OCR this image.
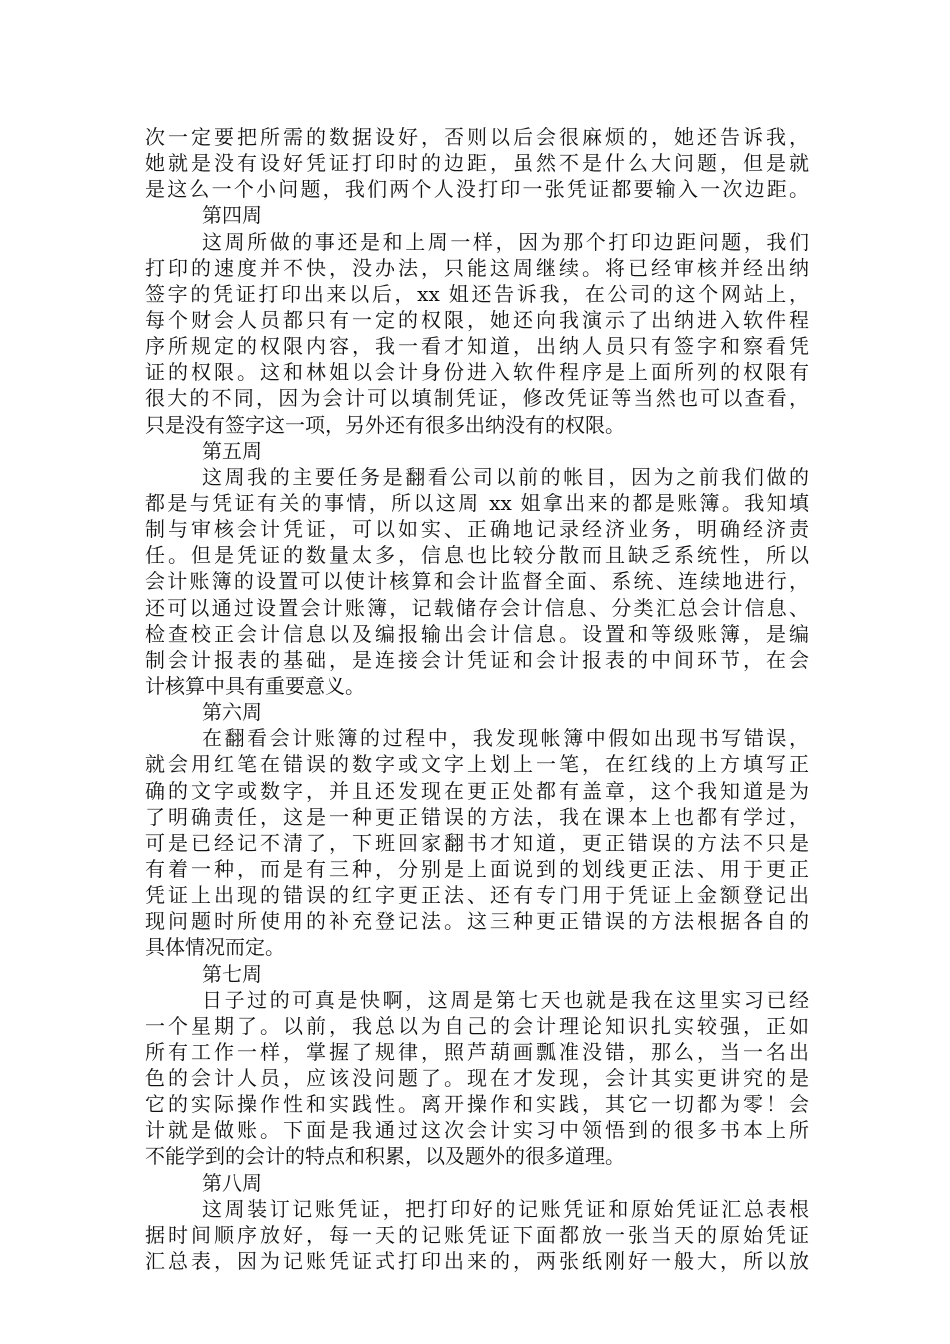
次一定要把所需的数据设好，否则以后会很麻烦的，她还告诉我，
她就是没有设好凭证打印时的边距，虽然不是什么大问题，但是就
是这么一个小问题，我们两个人没打印一张凭证都要输入一次边距。
第四周
这周所做的事还是和上周一样，因为那个打印边距问题，我们
打印的速度并不快，没办法，只能这周继续。将已经审核并经出纳
签字的凭证打印出来以后，xx 姐还告诉我，在公司的这个网站上，
每个财会人员都只有一定的权限，她还向我演示了出纳进入软件程
序所规定的权限内容，我一看才知道，出纳人员只有签字和察看凭
证的权限。这和林姐以会计身份进入软件程序是上面所列的权限有
很大的不同，因为会计可以填制凭证，修改凭证等当然也可以查看，
只是没有签字这一项，另外还有很多出纳没有的权限。
第五周
这周我的主要任务是翻看公司以前的帐目，因为之前我们做的
都是与凭证有关的事情，所以这周 xx 姐拿出来的都是账簿。我知填
制与审核会计凭证，可以如实、正确地记录经济业务，明确经济责
任。但是凭证的数量太多，信息也比较分散而且缺乏系统性，所以
会计账簿的设置可以使计核算和会计监督全面、系统、连续地进行，
还可以通过设置会计账簿，记载储存会计信息、分类汇总会计信息、
检查校正会计信息以及编报输出会计信息。设置和等级账簿，是编
制会计报表的基础，是连接会计凭证和会计报表的中间环节，在会
计核算中具有重要意义。
第六周
在翻看会计账簿的过程中，我发现帐簿中假如出现书写错误，
就会用红笔在错误的数字或文字上划上一笔，在红线的上方填写正
确的文字或数字，并且还发现在更正处都有盖章，这个我知道是为
了明确责任，这是一种更正错误的方法，我在课本上也都有学过，
可是已经记不清了，下班回家翻书才知道，更正错误的方法不只是
有着一种，而是有三种，分别是上面说到的划线更正法、用于更正
凭证上出现的错误的红字更正法、还有专门用于凭证上金额登记出
现问题时所使用的补充登记法。这三种更正错误的方法根据各自的
具体情况而定。
第七周
日子过的可真是快啊，这周是第七天也就是我在这里实习已经
一个星期了。以前，我总以为自己的会计理论知识扎实较强，正如
所有工作一样，掌握了规律，照芦葫画瓢准没错，那么，当一名出
色的会计人员，应该没问题了。现在才发现，会计其实更讲究的是
它的实际操作性和实践性。离开操作和实践，其它一切都为零！会
计就是做账。下面是我通过这次会计实习中领悟到的很多书本上所
不能学到的会计的特点和积累，以及题外的很多道理。
第八周
这周装订记账凭证，把打印好的记账凭证和原始凭证汇总表根
据时间顺序放好，每一天的记账凭证下面都放一张当天的原始凭证
汇总表，因为记账凭证式打印出来的，两张纸刚好一般大，所以放
